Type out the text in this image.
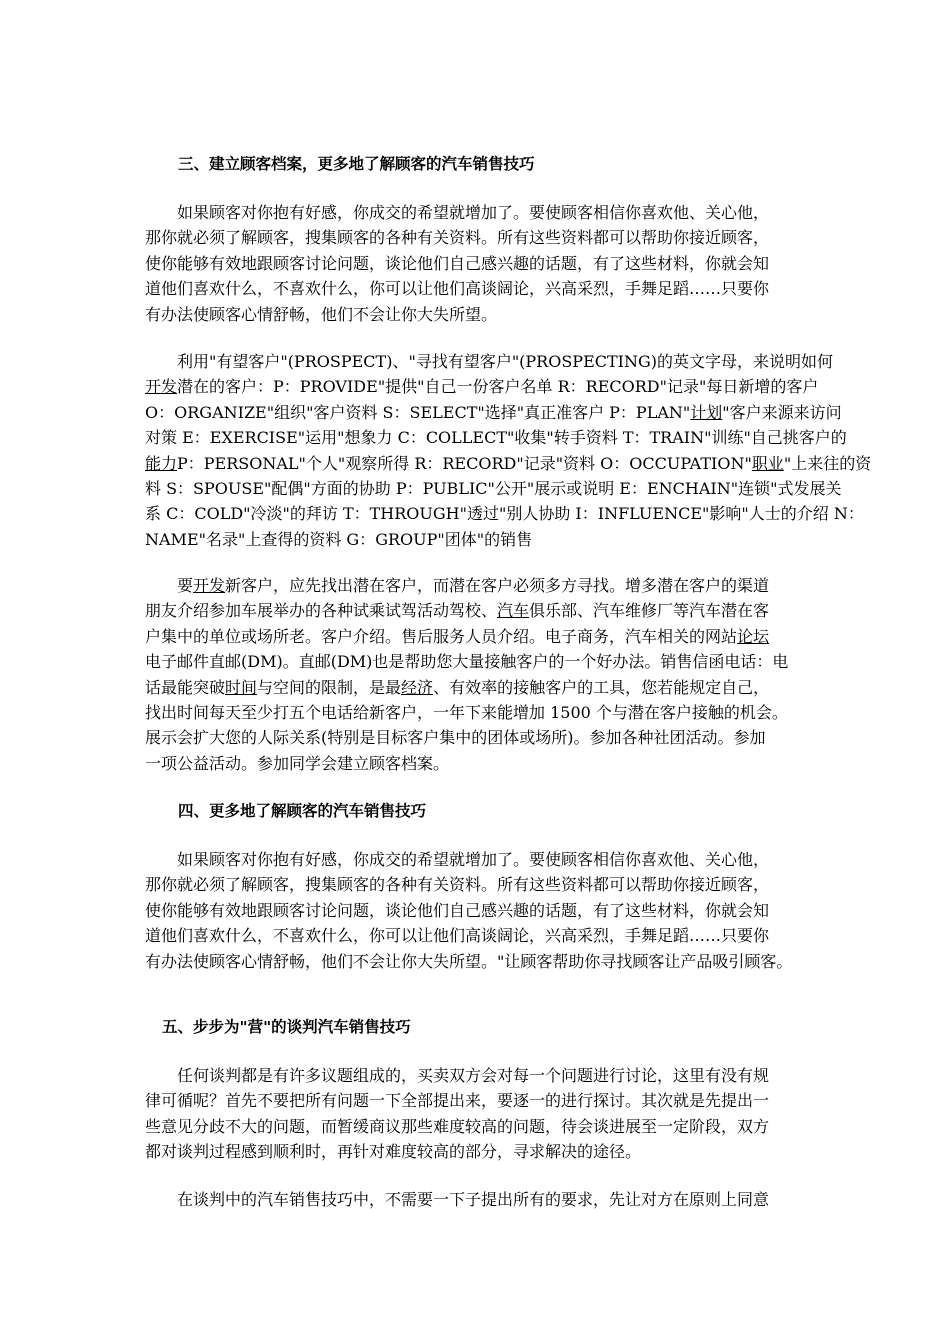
三、建立顾客档案，更多地了解顾客的汽车销售技巧
如果顾客对你抱有好感，你成交的希望就增加了。要使顾客相信你喜欢他、关心他，
那你就必须了解顾客，搜集顾客的各种有关资料。所有这些资料都可以帮助你接近顾客，
使你能够有效地跟顾客讨论问题，谈论他们自己感兴趣的话题，有了这些材料，你就会知
道他们喜欢什么，不喜欢什么，你可以让他们高谈阔论，兴高采烈，手舞足蹈……只要你
有办法使顾客心情舒畅，他们不会让你大失所望。
利用"有望客户"(PROSPECT)、"寻找有望客户"(PROSPECTING)的英文字母，来说明如何
开发潜在的客户：P：PROVIDE"提供"自己一份客户名单 R：RECORD"记录"每日新增的客户
O：ORGANIZE"组织"客户资料 S：SELECT"选择"真正准客户 P：PLAN"计划"客户来源来访问
对策 E：EXERCISE"运用"想象力 C：COLLECT"收集"转手资料 T：TRAIN"训练"自己挑客户的
能力P：PERSONAL"个人"观察所得 R：RECORD"记录"资料 O：OCCUPATION"职业"上来往的资
料 S：SPOUSE"配偶"方面的协助 P：PUBLIC"公开"展示或说明 E：ENCHAIN"连锁"式发展关
系 C：COLD"冷淡"的拜访 T：THROUGH"透过"别人协助 I：INFLUENCE"影响"人士的介绍 N：
NAME"名录"上查得的资料 G：GROUP"团体"的销售
要开发新客户，应先找出潜在客户，而潜在客户必须多方寻找。增多潜在客户的渠道
朋友介绍参加车展举办的各种试乘试驾活动驾校、汽车俱乐部、汽车维修厂等汽车潜在客
户集中的单位或场所老。客户介绍。售后服务人员介绍。电子商务，汽车相关的网站论坛
电子邮件直邮(DM)。直邮(DM)也是帮助您大量接触客户的一个好办法。销售信函电话：电
话最能突破时间与空间的限制，是最经济、有效率的接触客户的工具，您若能规定自己，
找出时间每天至少打五个电话给新客户，一年下来能增加 1500 个与潜在客户接触的机会。
展示会扩大您的人际关系(特别是目标客户集中的团体或场所)。参加各种社团活动。参加
一项公益活动。参加同学会建立顾客档案。
四、更多地了解顾客的汽车销售技巧
如果顾客对你抱有好感，你成交的希望就增加了。要使顾客相信你喜欢他、关心他，
那你就必须了解顾客，搜集顾客的各种有关资料。所有这些资料都可以帮助你接近顾客，
使你能够有效地跟顾客讨论问题，谈论他们自己感兴趣的话题，有了这些材料，你就会知
道他们喜欢什么，不喜欢什么，你可以让他们高谈阔论，兴高采烈，手舞足蹈……只要你
有办法使顾客心情舒畅，他们不会让你大失所望。"让顾客帮助你寻找顾客让产品吸引顾客。
五、步步为"营"的谈判汽车销售技巧
任何谈判都是有许多议题组成的，买卖双方会对每一个问题进行讨论，这里有没有规
律可循呢？首先不要把所有问题一下全部提出来，要逐一的进行探讨。其次就是先提出一
些意见分歧不大的问题，而暂缓商议那些难度较高的问题，待会谈进展至一定阶段，双方
都对谈判过程感到顺利时，再针对难度较高的部分，寻求解决的途径。
在谈判中的汽车销售技巧中，不需要一下子提出所有的要求，先让对方在原则上同意
